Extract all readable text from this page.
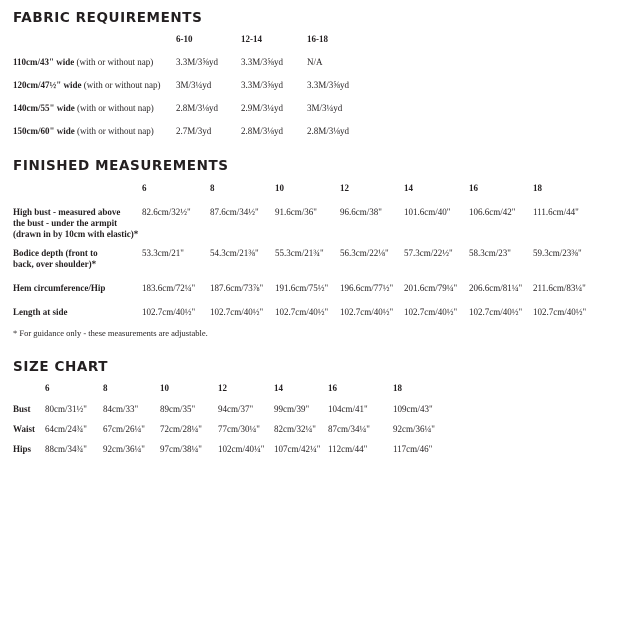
FABRIC REQUIREMENTS
6-10	12-14	16-18
110cm/43" wide (with or without nap)	3.3M/3⅝yd	3.3M/3⅝yd	N/A
120cm/47½" wide (with or without nap) 3M/3¼yd	3.3M/3⅝yd	3.3M/3⅝yd
140cm/55" wide (with or without nap) 2.8M/3⅛yd	2.9M/3¼yd	3M/3¼yd
150cm/60" wide (with or without nap) 2.7M/3yd	2.8M/3⅛yd	2.8M/3⅛yd
FINISHED MEASUREMENTS
6	8	10	12	14	16	18
High bust - measured above
the bust - under the armpit
(drawn in by 10cm with elastic)*
82.6cm/32½" 87.6cm/34½" 91.6cm/36"	96.6cm/38" 101.6cm/40" 106.6cm/42" 111.6cm/44"
Bodice depth (front to
back, over shoulder)*
53.3cm/21"	54.3cm/21⅜" 55.3cm/21¾" 56.3cm/22⅛" 57.3cm/22½" 58.3cm/23" 59.3cm/23⅜"
Hem circumference/Hip	183.6cm/72¼" 187.6cm/73⅞" 191.6cm/75½" 196.6cm/77½" 201.6cm/79¼" 206.6cm/81¼" 211.6cm/83¼"
Length at side	102.7cm/40½" 102.7cm/40½" 102.7cm/40½" 102.7cm/40½" 102.7cm/40½" 102.7cm/40½" 102.7cm/40½"
* For guidance only - these measurements are adjustable.
SIZE CHART
6	8	10	12	14	16	18
Bust 80cm/31½" 84cm/33" 89cm/35"	94cm/37" 99cm/39" 104cm/41"	109cm/43"
Waist 64cm/24¾" 67cm/26¼" 72cm/28¼" 77cm/30¼" 82cm/32¼" 87cm/34¼"	92cm/36¼"
Hips 88cm/34¾" 92cm/36¼" 97cm/38¼" 102cm/40¼" 107cm/42¼" 112cm/44"	117cm/46"
